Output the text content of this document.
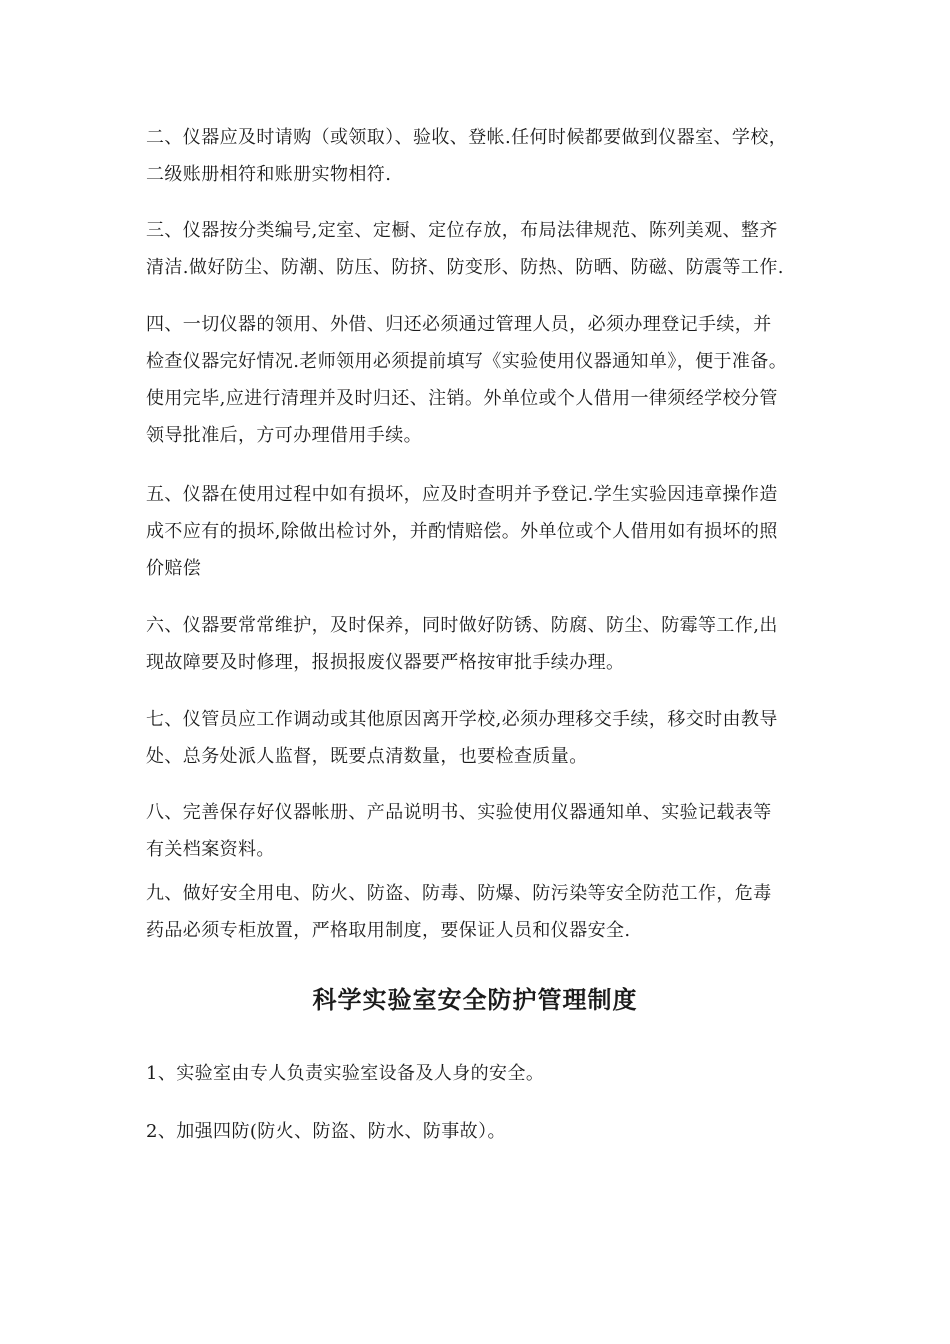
二、仪器应及时请购（或领取）、验收、登帐.任何时候都要做到仪器室、学校，
二级账册相符和账册实物相符.
三、仪器按分类编号,定室、定橱、定位存放，布局法律规范、陈列美观、整齐
清洁.做好防尘、防潮、防压、防挤、防变形、防热、防晒、防磁、防震等工作.
四、一切仪器的领用、外借、归还必须通过管理人员，必须办理登记手续，并
检查仪器完好情况.老师领用必须提前填写《实验使用仪器通知单》，便于准备。
使用完毕,应进行清理并及时归还、注销。外单位或个人借用一律须经学校分管
领导批准后，方可办理借用手续。
五、仪器在使用过程中如有损坏，应及时查明并予登记.学生实验因违章操作造
成不应有的损坏,除做出检讨外，并酌情赔偿。外单位或个人借用如有损坏的照
价赔偿
六、仪器要常常维护，及时保养，同时做好防锈、防腐、防尘、防霉等工作,出
现故障要及时修理，报损报废仪器要严格按审批手续办理。
七、仪管员应工作调动或其他原因离开学校,必须办理移交手续，移交时由教导
处、总务处派人监督，既要点清数量，也要检查质量。
八、完善保存好仪器帐册、产品说明书、实验使用仪器通知单、实验记载表等
有关档案资料。
九、做好安全用电、防火、防盗、防毒、防爆、防污染等安全防范工作，危毒
药品必须专柜放置，严格取用制度，要保证人员和仪器安全.
科学实验室安全防护管理制度
1、实验室由专人负责实验室设备及人身的安全。
2、加强四防(防火、防盗、防水、防事故）。
